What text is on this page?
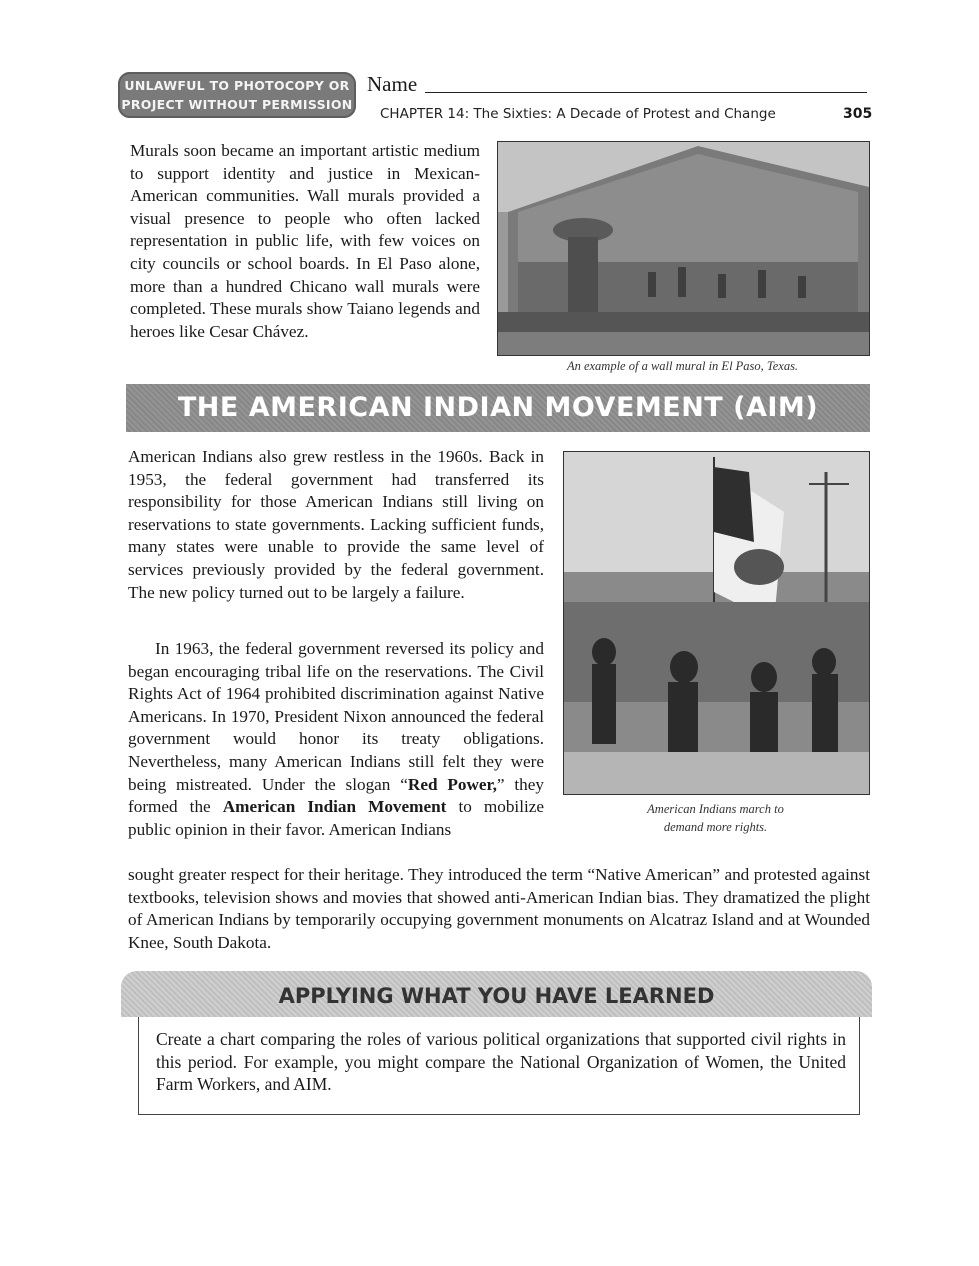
UNLAWFUL TO PHOTOCOPY OR
PROJECT WITHOUT PERMISSION
Name
CHAPTER 14: The Sixties: A Decade of Protest and Change	305

Murals soon became an important artistic medium to support identity and justice in Mexican-American communities. Wall murals provided a visual presence to people who often lacked representation in public life, with few voices on city councils or school boards. In El Paso alone, more than a hundred Chicano wall murals were completed. These murals show Taiano legends and heroes like Cesar Chávez.

An example of a wall mural in El Paso, Texas.
THE AMERICAN INDIAN MOVEMENT (AIM)

American Indians also grew restless in the 1960s. Back in 1953, the federal government had transferred its responsibility for those American Indians still living on reservations to state governments. Lacking sufficient funds, many states were unable to provide the same level of services previously provided by the federal government. The new policy turned out to be largely a failure.

In 1963, the federal government reversed its policy and began encouraging tribal life on the reservations. The Civil Rights Act of 1964 prohibited discrimination against Native Americans. In 1970, President Nixon announced the federal government would honor its treaty obligations. Nevertheless, many American Indians still felt they were being mistreated. Under the slogan “Red Power,” they formed the American Indian Movement to mobilize public opinion in their favor. American Indians

sought greater respect for their heritage. They introduced the term “Native American” and protested against textbooks, television shows and movies that showed anti-American Indian bias. They dramatized the plight of American Indians by temporarily occupying government monuments on Alcatraz Island and at Wounded Knee, South Dakota.

American Indians march to
demand more rights.
APPLYING WHAT YOU HAVE LEARNED

Create a chart comparing the roles of various political organizations that supported civil rights in this period. For example, you might compare the National Organization of Women, the United Farm Workers, and AIM.
